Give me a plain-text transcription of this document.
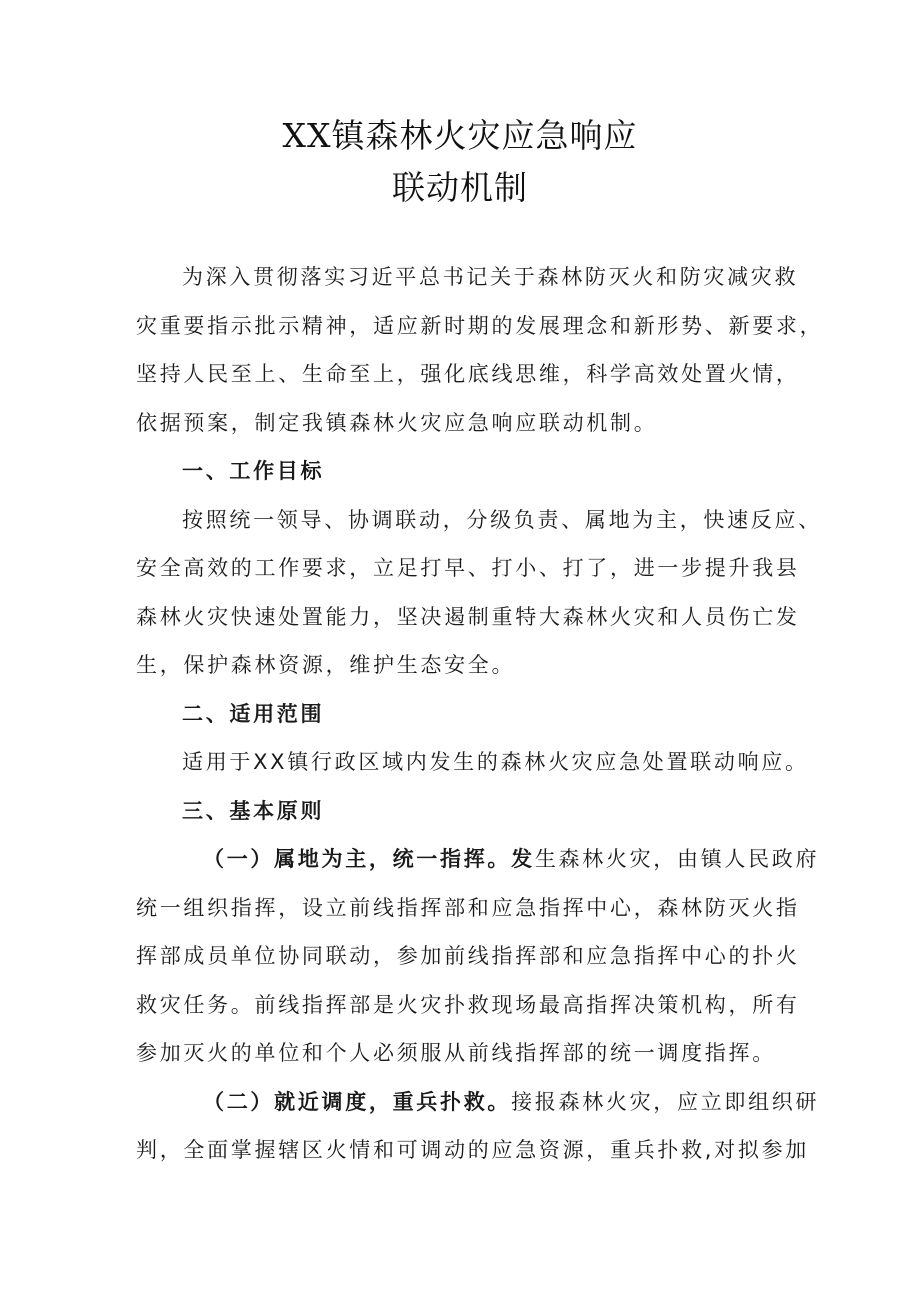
XX镇森林火灾应急响应
联动机制
为深入贯彻落实习近平总书记关于森林防灭火和防灾减灾救
灾重要指示批示精神，适应新时期的发展理念和新形势、新要求，
坚持人民至上、生命至上，强化底线思维，科学高效处置火情，
依据预案，制定我镇森林火灾应急响应联动机制。
一、工作目标
按照统一领导、协调联动，分级负责、属地为主，快速反应、
安全高效的工作要求，立足打早、打小、打了，进一步提升我县
森林火灾快速处置能力，坚决遏制重特大森林火灾和人员伤亡发
生，保护森林资源，维护生态安全。
二、适用范围
适用于XX镇行政区域内发生的森林火灾应急处置联动响应。
三、基本原则
（一）属地为主，统一指挥。发生森林火灾，由镇人民政府
统一组织指挥，设立前线指挥部和应急指挥中心，森林防灭火指
挥部成员单位协同联动，参加前线指挥部和应急指挥中心的扑火
救灾任务。前线指挥部是火灾扑救现场最高指挥决策机构，所有
参加灭火的单位和个人必须服从前线指挥部的统一调度指挥。
（二）就近调度，重兵扑救。接报森林火灾，应立即组织研
判，全面掌握辖区火情和可调动的应急资源，重兵扑救,对拟参加
